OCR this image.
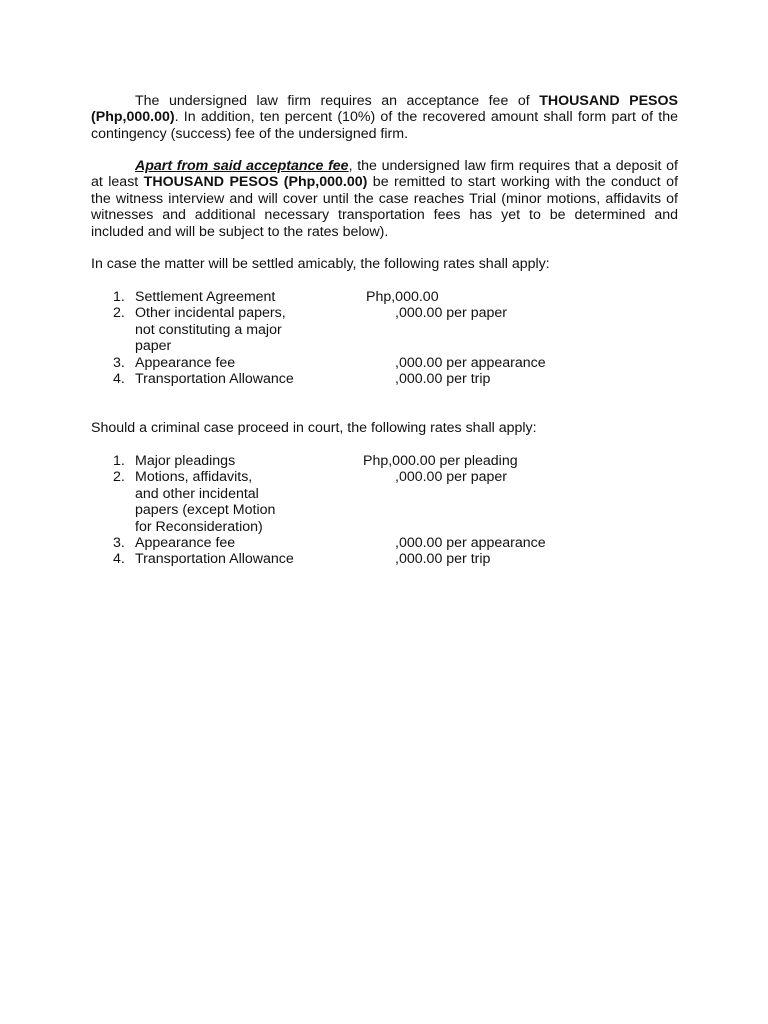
The undersigned law firm requires an acceptance fee of THOUSAND PESOS (Php,000.00). In addition, ten percent (10%) of the recovered amount shall form part of the contingency (success) fee of the undersigned firm.

Apart from said acceptance fee, the undersigned law firm requires that a deposit of at least THOUSAND PESOS (Php,000.00) be remitted to start working with the conduct of the witness interview and will cover until the case reaches Trial (minor motions, affidavits of witnesses and additional necessary transportation fees has yet to be determined and included and will be subject to the rates below).

In case the matter will be settled amicably, the following rates shall apply:

1. Settlement Agreement	Php,000.00
2. Other incidental papers,
not constituting a major
paper
,000.00 per paper
3. Appearance fee	,000.00 per appearance
4. Transportation Allowance	,000.00 per trip

Should a criminal case proceed in court, the following rates shall apply:

1. Major pleadings	Php,000.00 per pleading
2. Motions, affidavits,
and other incidental
papers (except Motion
for Reconsideration)
,000.00 per paper
3. Appearance fee	,000.00 per appearance
4. Transportation Allowance	,000.00 per trip
